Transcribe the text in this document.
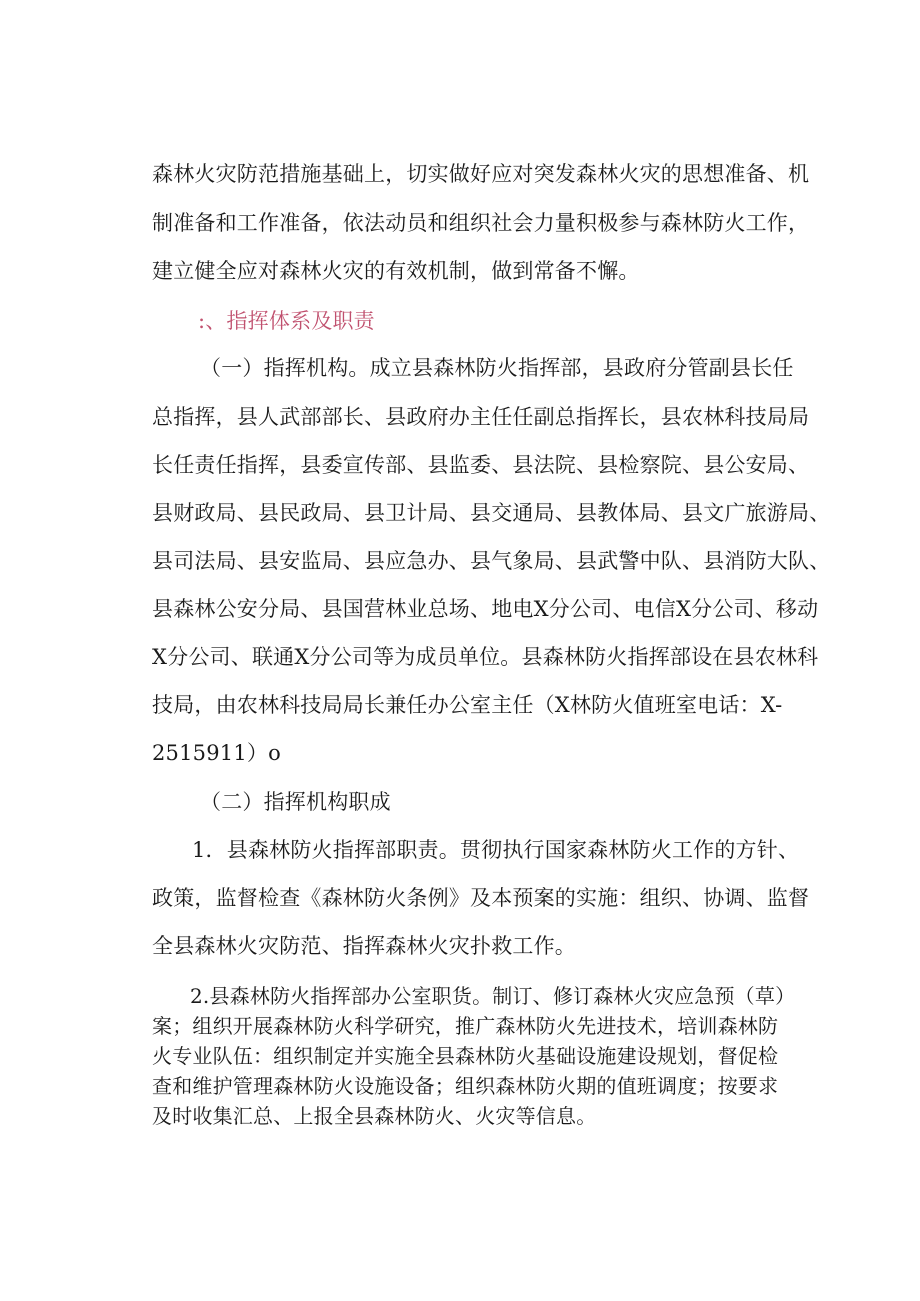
森林火灾防范措施基础上，切实做好应对突发森林火灾的思想准备、机
制准备和工作准备，依法动员和组织社会力量积极参与森林防火工作，
建立健全应对森林火灾的有效机制，做到常备不懈。
:、指挥体系及职责
（一）指挥机构。成立县森林防火指挥部，县政府分管副县长任
总指挥，县人武部部长、县政府办主任任副总指挥长，县农林科技局局
长任责任指挥，县委宣传部、县监委、县法院、县检察院、县公安局、
县财政局、县民政局、县卫计局、县交通局、县教体局、县文广旅游局、
县司法局、县安监局、县应急办、县气象局、县武警中队、县消防大队、
县森林公安分局、县国营林业总场、地电X分公司、电信X分公司、移动
X分公司、联通X分公司等为成员单位。县森林防火指挥部设在县农林科
技局，由农林科技局局长兼任办公室主任（X林防火值班室电话：X-
2515911）o
（二）指挥机构职成
1．县森林防火指挥部职责。贯彻执行国家森林防火工作的方针、
政策，监督检查《森林防火条例》及本预案的实施：组织、协调、监督
全县森林火灾防范、指挥森林火灾扑救工作。
2.县森林防火指挥部办公室职货。制订、修订森林火灾应急预（草）
案；组织开展森林防火科学研究，推广森林防火先进技术，培训森林防
火专业队伍：组织制定并实施全县森林防火基础设施建设规划，督促检
查和维护管理森林防火设施设备；组织森林防火期的值班调度；按要求
及时收集汇总、上报全县森林防火、火灾等信息。
